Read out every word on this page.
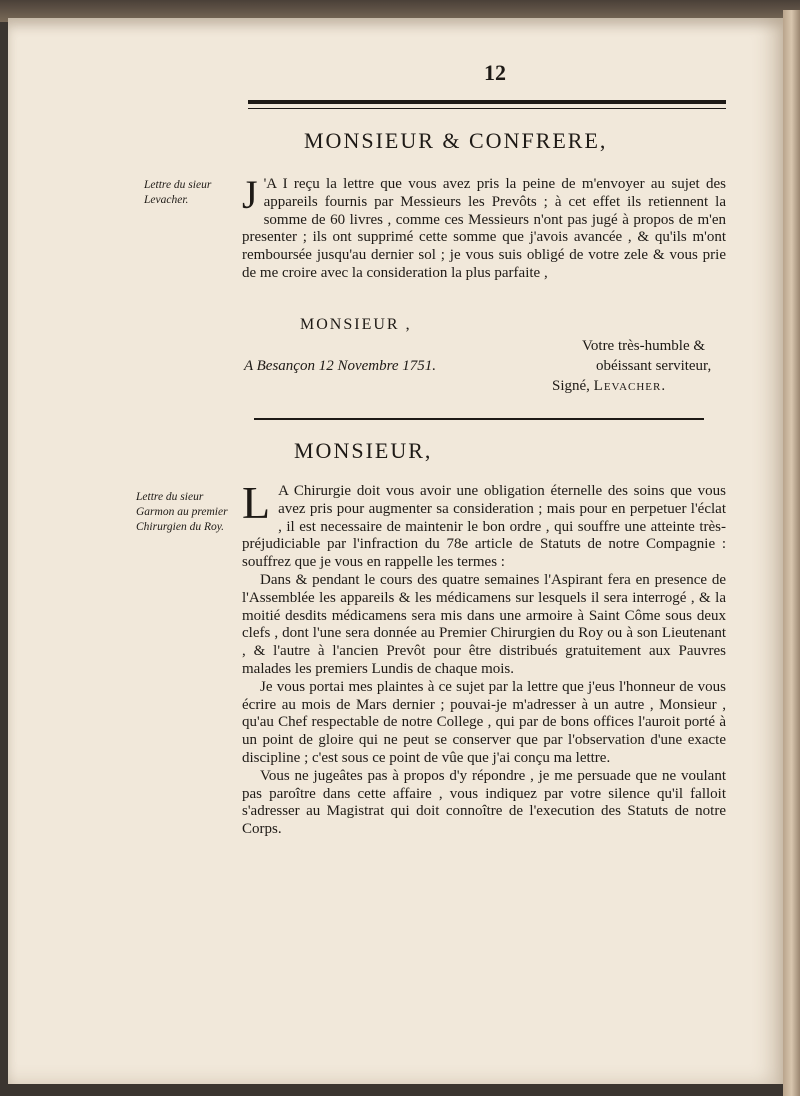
12
MONSIEUR & CONFRERE,
Lettre du sieur Levacher.	J 'A I reçu la lettre que vous avez pris la peine de m'envoyer au sujet des appareils fournis par Messieurs les Prevôts ; à cet effet ils retiennent la somme de 60 livres , comme ces Messieurs n'ont pas jugé à propos de m'en presenter ; ils ont supprimé cette somme que j'avois avancée , & qu'ils m'ont remboursée jusqu'au dernier sol ; je vous suis obligé de votre zele & vous prie de me croire avec la consideration la plus parfaite ,
MONSIEUR ,
Votre très-humble &
A Besançon 12 Novembre 1751.	obéissant serviteur,
Signé, Levacher.
MONSIEUR,
Lettre du sieur Garmon au premier Chirurgien du Roy. L A Chirurgie doit vous avoir une obligation éternelle des soins que vous avez pris pour augmenter sa consideration ; mais pour en perpetuer l'éclat , il est necessaire de maintenir le bon ordre , qui souffre une atteinte très-préjudiciable par l'infraction du 78e article de Statuts de notre Compagnie : souffrez que je vous en rappelle les termes :

Dans & pendant le cours des quatre semaines l'Aspirant fera en presence de l'Assemblée les appareils & les médicamens sur lesquels il sera interrogé , & la moitié desdits médicamens sera mis dans une armoire à Saint Côme sous deux clefs , dont l'une sera donnée au Premier Chirurgien du Roy ou à son Lieutenant , & l'autre à l'ancien Prevôt pour être distribués gratuitement aux Pauvres malades les premiers Lundis de chaque mois.

Je vous portai mes plaintes à ce sujet par la lettre que j'eus l'honneur de vous écrire au mois de Mars dernier ; pouvai-je m'adresser à un autre , Monsieur , qu'au Chef respectable de notre College , qui par de bons offices l'auroit porté à un point de gloire qui ne peut se conserver que par l'observation d'une exacte discipline ; c'est sous ce point de vûe que j'ai conçu ma lettre.

Vous ne jugeâtes pas à propos d'y répondre , je me persuade que ne voulant pas paroître dans cette affaire , vous indiquez par votre silence qu'il falloit s'adresser au Magistrat qui doit connoître de l'execution des Statuts de notre Corps.
